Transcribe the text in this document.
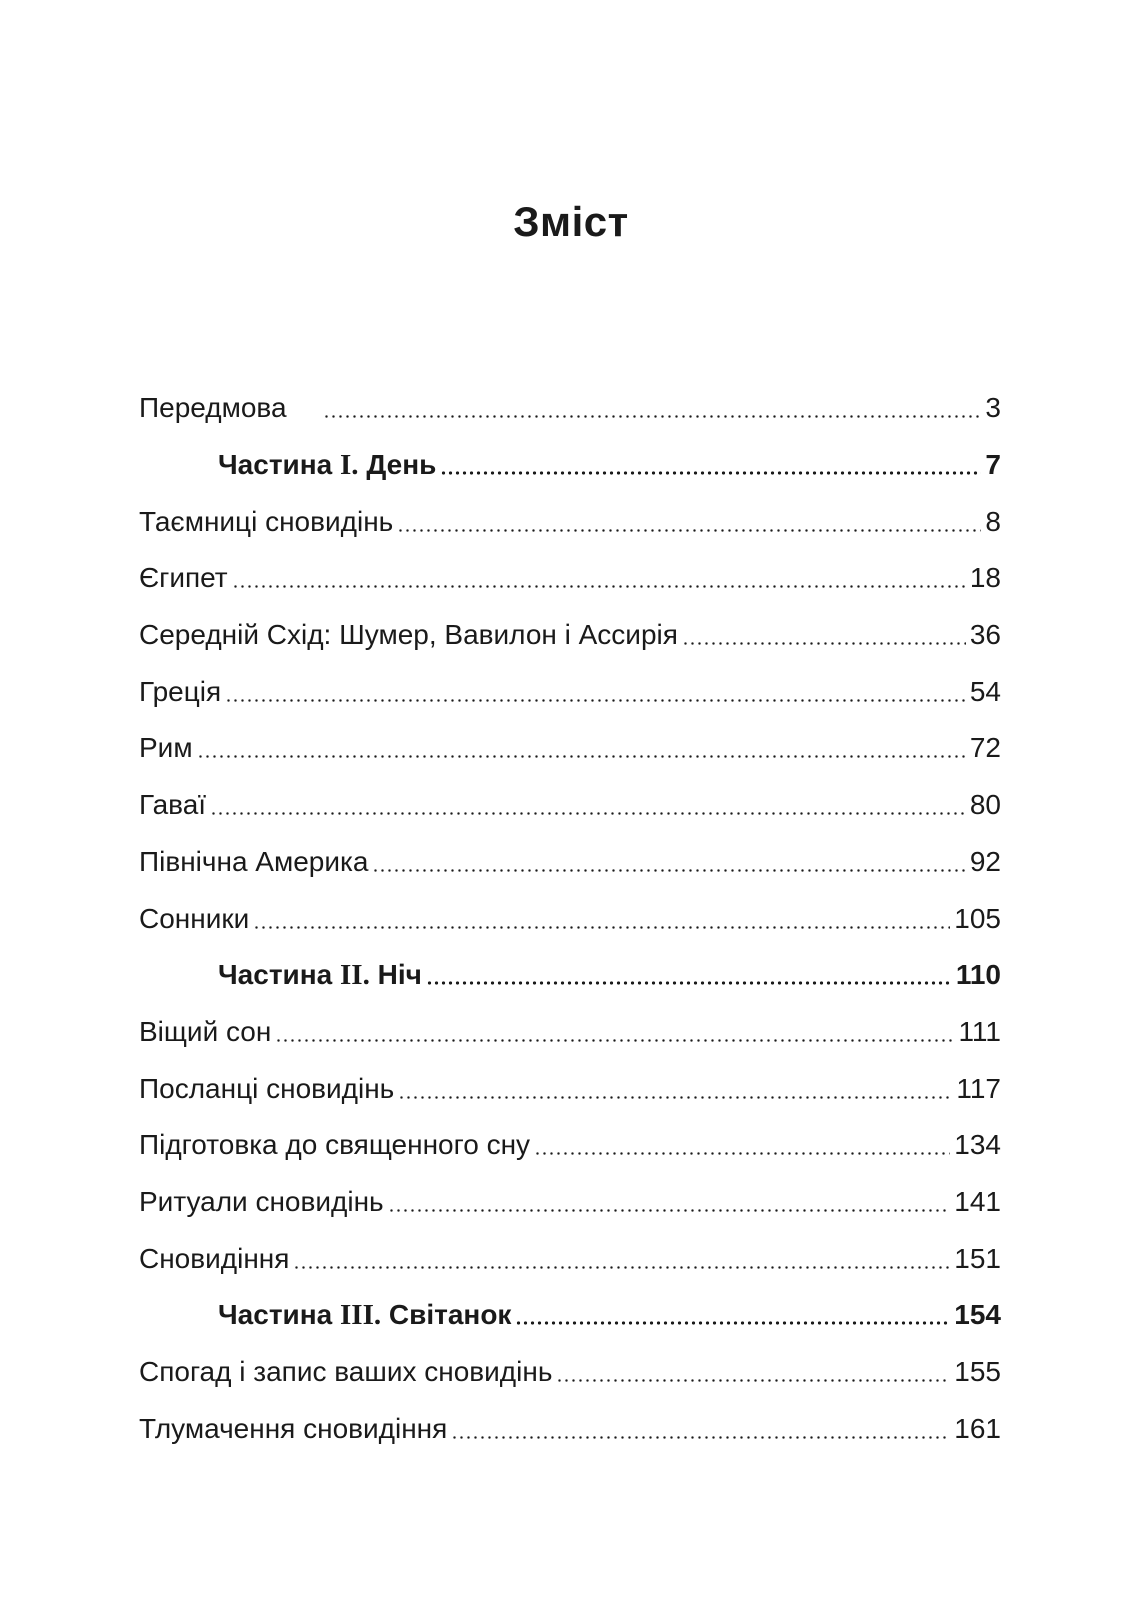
Зміст
Передмова	3
Частина I. День	7
Таємниці сновидінь	8
Єгипет	18
Середній Схід: Шумер, Вавилон і Ассирія	36
Греція	54
Рим	72
Гаваї	80
Північна Америка	92
Сонники	105
Частина II. Ніч	110
Віщий сон	111
Посланці сновидінь	117
Підготовка до священного сну	134
Ритуали сновидінь	141
Сновидіння	151
Частина III. Світанок	154
Спогад і запис ваших сновидінь	155
Тлумачення сновидіння	161
